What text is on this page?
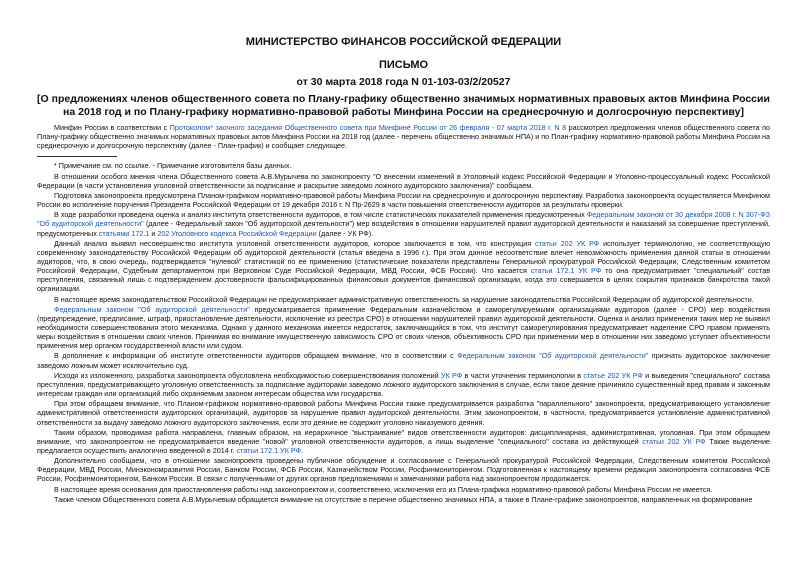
МИНИСТЕРСТВО ФИНАНСОВ РОССИЙСКОЙ ФЕДЕРАЦИИ
ПИСЬМО
от 30 марта 2018 года N 01-103-03/2/20527
[О предложениях членов общественного совета по Плану-графику общественно значимых нормативных правовых актов Минфина России на 2018 год и по Плану-графику нормативно-правовой работы Минфина России на среднесрочную и долгосрочную перспективу]

Минфин России в соответствии с Протоколом* заочного заседания Общественного совета при Минфине России от 26 февраля - 07 марта 2018 г. N 8 рассмотрел предложения членов общественного совета по Плану-графику общественно значимых нормативных правовых актов Минфина России на 2018 год (далее - перечень общественно значимых НПА) и по План-графику нормативно-правовой работы Минфина России на среднесрочную и долгосрочную перспективу (далее - План-график) и сообщает следующее.

* Примечание см. по ссылке. - Примечание изготовителя базы данных.

В отношении особого мнения члена Общественного совета А.В.Мурычева по законопроекту "О внесении изменений в Уголовный кодекс Российской Федерации и Уголовно-процессуальный кодекс Российской Федерации (в части установления уголовной ответственности за подписание и раскрытие заведомо ложного аудиторского заключения)" сообщаем.

Подготовка законопроекта предусмотрена Планом-графиком нормативно-правовой работы Минфина России на среднесрочную и долгосрочную перспективу. Разработка законопроекта осуществляется Минфином России во исполнение поручения Президента Российской Федерации от 19 декабря 2016 г. N Пр-2629 в части повышения ответственности аудиторов за результаты проверки.

В ходе разработки проведена оценка и анализ института ответственности аудиторов, в том числе статистических показателей применения предусмотренных Федеральным законом от 30 декабря 2008 г. N 307-ФЗ "Об аудиторской деятельности" (далее - Федеральный закон "Об аудиторской деятельности") мер воздействия в отношении нарушителей правил аудиторской деятельности и наказаний за совершение преступлений, предусмотренных статьями 172.1 и 202 Уголовного кодекса Российской Федерации (далее - УК РФ).

Данный анализ выявил несовершенство института уголовной ответственности аудиторов, которое заключается в том, что конструкция статьи 202 УК РФ использует терминологию, не соответствующую современному законодательству Российской Федерации об аудиторской деятельности (статья введена в 1996 г.). При этом данное несоответствие влечет невозможность применения данной статьи в отношении аудиторов, что, в свою очередь, подтверждается "нулевой" статистикой по ее применению (статистические показатели представлены Генеральной прокуратурой Российской Федерации, Следственным комитетом Российской Федерации, Судебным департаментом при Верховном Суде Российской Федерации, МВД России, ФСБ России). Что касается статьи 172.1 УК РФ то она предусматривает "специальный" состав преступления, связанный лишь с подтверждением достоверности фальсифицированных финансовых документов финансовой организации, когда это совершается в целях сокрытия признаков банкротства такой организации.

В настоящее время законодательством Российской Федерации не предусматривает административную ответственность за нарушение законодательства Российской Федерации об аудиторской деятельности.

Федеральным законом "Об аудиторской деятельности" предусматривается применение Федеральным казначейством и саморегулируемыми организациями аудиторов (далее - СРО) мер воздействия (предупреждение, предписание, штраф, приостановление деятельности, исключение из реестра СРО) в отношении нарушителей правил аудиторской деятельности. Оценка и анализ применения таких мер не выявил необходимости совершенствования этого механизма. Однако у данного механизма имеется недостаток, заключающийся в том, что институт саморегулирования предусматривает наделение СРО правом применять меры воздействия в отношении своих членов. Принимая во внимание имущественную зависимость СРО от своих членов, объективность СРО при применении мер в отношении них заведомо уступает объективности применения мер органом государственной власти или судом.

В дополнение к информации об институте ответственности аудиторов обращаем внимание, что в соответствии с Федеральным законом "Об аудиторской деятельности" признать аудиторское заключение заведомо ложным может исключительно суд.

Исходя из изложенного, разработка законопроекта обусловлена необходимостью совершенствования положений УК РФ в части уточнения терминологии в статье 202 УК РФ и выведения "специального" состава преступления, предусматривающего уголовную ответственность за подписание аудиторами заведомо ложного аудиторского заключения в случае, если такое деяние причинило существенный вред правам и законным интересам граждан или организаций либо охраняемым законом интересам общества или государства.

При этом обращаем внимание, что Планом-графиком нормативно-правовой работы Минфина России также предусматривается разработка "параллельного" законопроекта, предусматривающего установление административной ответственности аудиторских организаций, аудиторов за нарушение правил аудиторской деятельности. Этим законопроектом, в частности, предусматривается установление административной ответственности за выдачу заведомо ложного аудиторского заключения, если это деяние не содержит уголовно наказуемого деяния.

Таким образом, проводимая работа направлена, главным образом, на иерархичное "выстраивание" видов ответственности аудиторов: дисциплинарная, административная, уголовная. При этом обращаем внимание, что законопроектом не предусматривается введение "новой" уголовной ответственности аудиторов, а лишь выделение "специального" состава из действующей статьи 202 УК РФ Также выделение предлагается осуществить аналогично введенной в 2014 г. статьи 172.1 УК РФ.

Дополнительно сообщаем, что в отношении законопроекта проведены публичное обсуждение и согласование с Генеральной прокуратурой Российской Федерации, Следственным комитетом Российской Федерации, МВД России, Минэкономразвития России, Банком России, ФСБ России, Казначейством России, Росфинмониторингом. Подготовленная к настоящему времени редакция законопроекта согласована ФСБ России, Росфинмониторингом, Банком России. В связи с полученными от других органов предложениями и замечаниями работа над законопроектом продолжается.

В настоящее время основания для приостановления работы над законопроектом и, соответственно, исключения его из Плана-графика нормативно-правовой работы Минфина России не имеется.

Также членом Общественного совета А.В.Мурычевым обращается внимание на отсутствие в перечне общественно значимых НПА, а также в Плане-графике законопроектов, направленных на формирование
